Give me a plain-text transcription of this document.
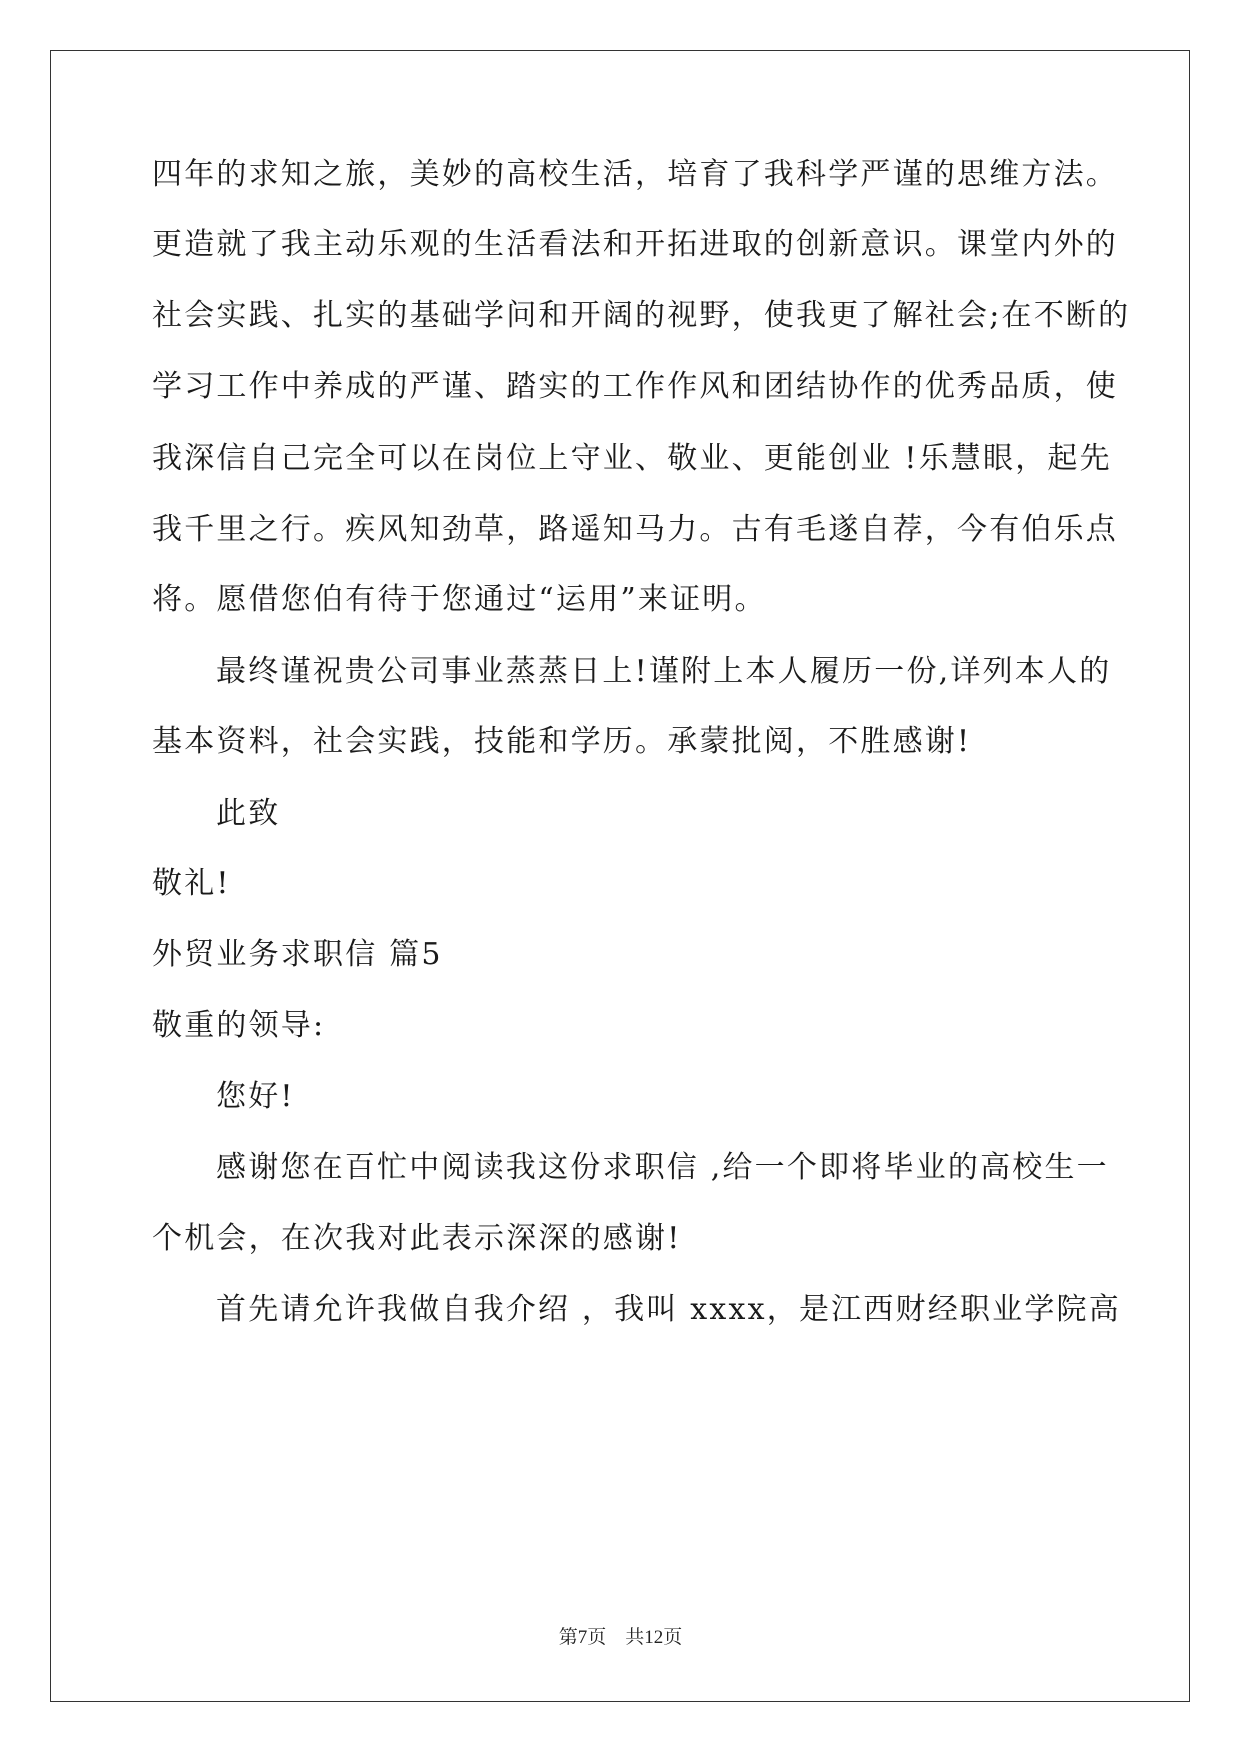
四年的求知之旅，美妙的高校生活，培育了我科学严谨的思维方法。
更造就了我主动乐观的生活看法和开拓进取的创新意识。课堂内外的
社会实践、扎实的基础学问和开阔的视野，使我更了解社会;在不断的
学习工作中养成的严谨、踏实的工作作风和团结协作的优秀品质，使
我深信自己完全可以在岗位上守业、敬业、更能创业 !乐慧眼，起先
我千里之行。疾风知劲草，路遥知马力。古有毛遂自荐，今有伯乐点
将。愿借您伯有待于您通过“运用”来证明。
最终谨祝贵公司事业蒸蒸日上!谨附上本人履历一份,详列本人的
基本资料，社会实践，技能和学历。承蒙批阅，不胜感谢!
此致
敬礼!
外贸业务求职信 篇5
敬重的领导:
您好!
感谢您在百忙中阅读我这份求职信 ,给一个即将毕业的高校生一
个机会，在次我对此表示深深的感谢!
首先请允许我做自我介绍 ，我叫 xxxx，是江西财经职业学院高
第7页　共12页
